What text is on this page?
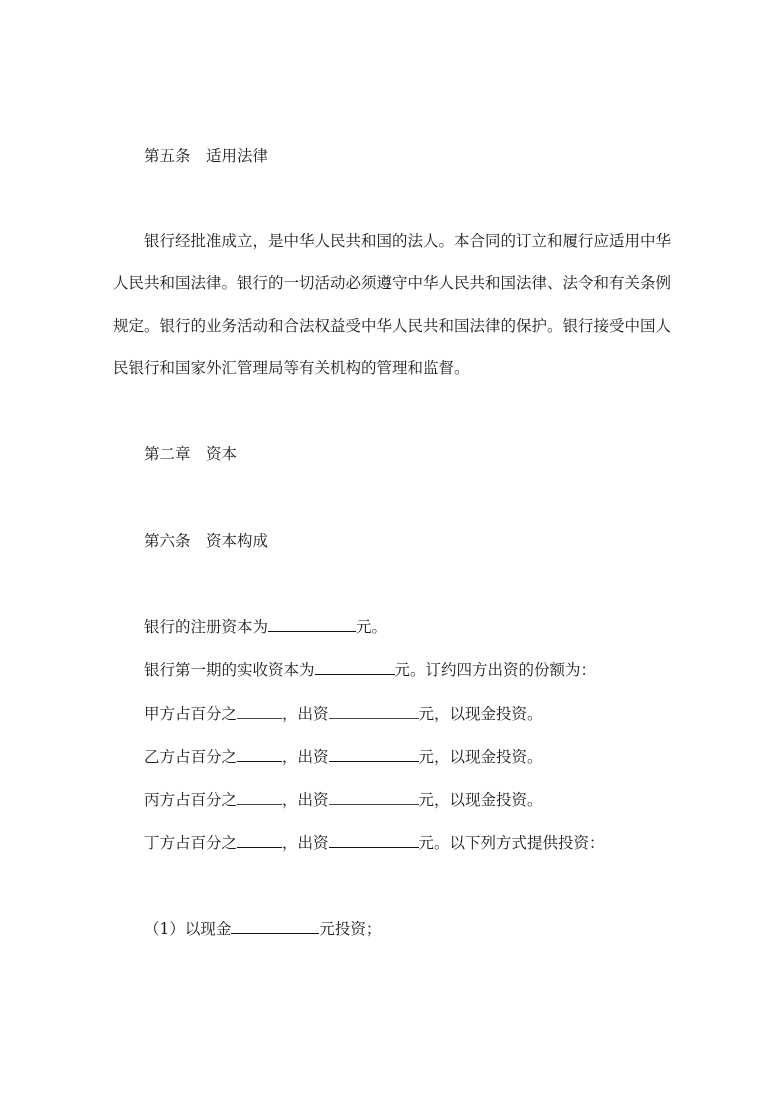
第五条　适用法律
银行经批准成立，是中华人民共和国的法人。本合同的订立和履行应适用中华
人民共和国法律。银行的一切活动必须遵守中华人民共和国法律、法令和有关条例
规定。银行的业务活动和合法权益受中华人民共和国法律的保护。银行接受中国人
民银行和国家外汇管理局等有关机构的管理和监督。
第二章　资本
第六条　资本构成
银行的注册资本为	元。
银行第一期的实收资本为	元。订约四方出资的份额为：
甲方占百分之	，出资	元，以现金投资。
乙方占百分之	，出资	元，以现金投资。
丙方占百分之	，出资	元，以现金投资。
丁方占百分之	，出资	元。以下列方式提供投资：
（1）以现金	元投资；
